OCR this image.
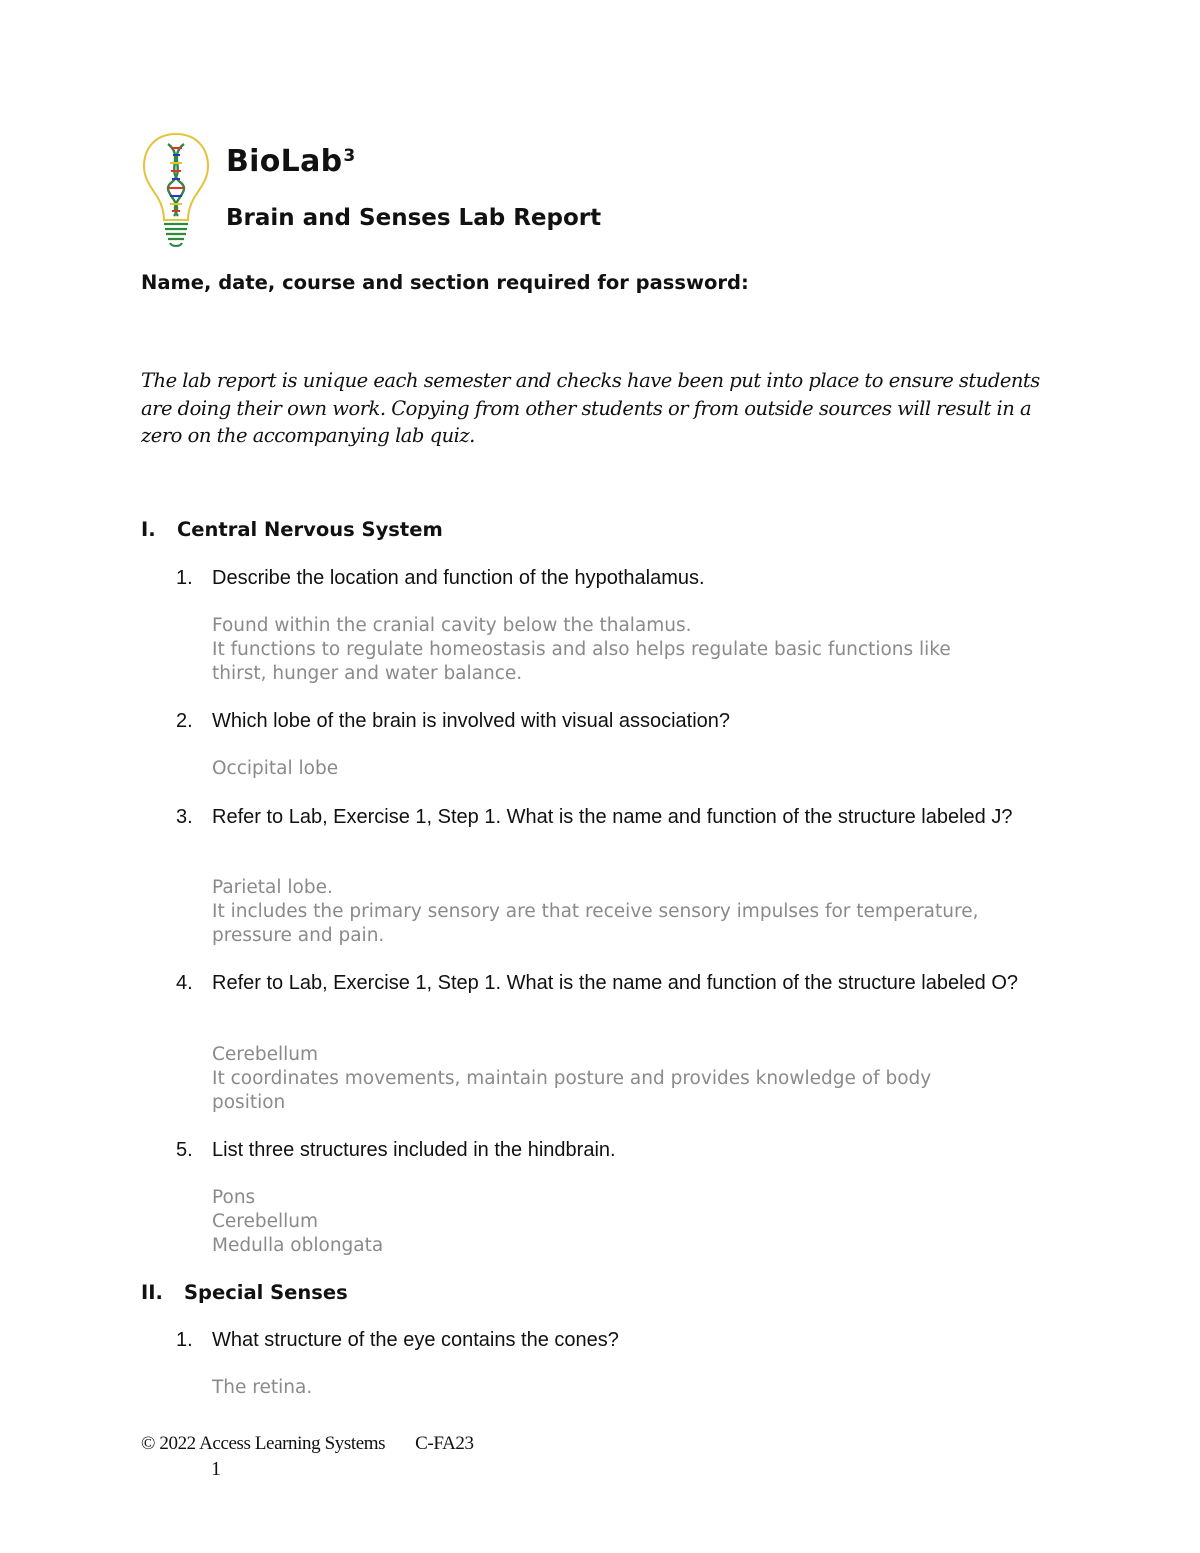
BioLab$^3$
Brain and Senses Lab Report
Name, date, course and section required for password:
The lab report is unique each semester and checks have been put into place to ensure students are doing their own work. Copying from other students or from outside sources will result in a zero on the accompanying lab quiz.
I. Central Nervous System
1. Describe the location and function of the hypothalamus.
Found within the cranial cavity below the thalamus.
It functions to regulate homeostasis and also helps regulate basic functions like
thirst, hunger and water balance.
2. Which lobe of the brain is involved with visual association?
Occipital lobe
3. Refer to Lab, Exercise 1, Step 1. What is the name and function of the structure labeled J?
Parietal lobe.
It includes the primary sensory are that receive sensory impulses for temperature,
pressure and pain.
4. Refer to Lab, Exercise 1, Step 1. What is the name and function of the structure labeled O?
Cerebellum
It coordinates movements, maintain posture and provides knowledge of body
position
5. List three structures included in the hindbrain.
Pons
Cerebellum
Medulla oblongata
II. Special Senses
1. What structure of the eye contains the cones?
The retina.
© 2022 Access Learning Systems C-FA23
1
